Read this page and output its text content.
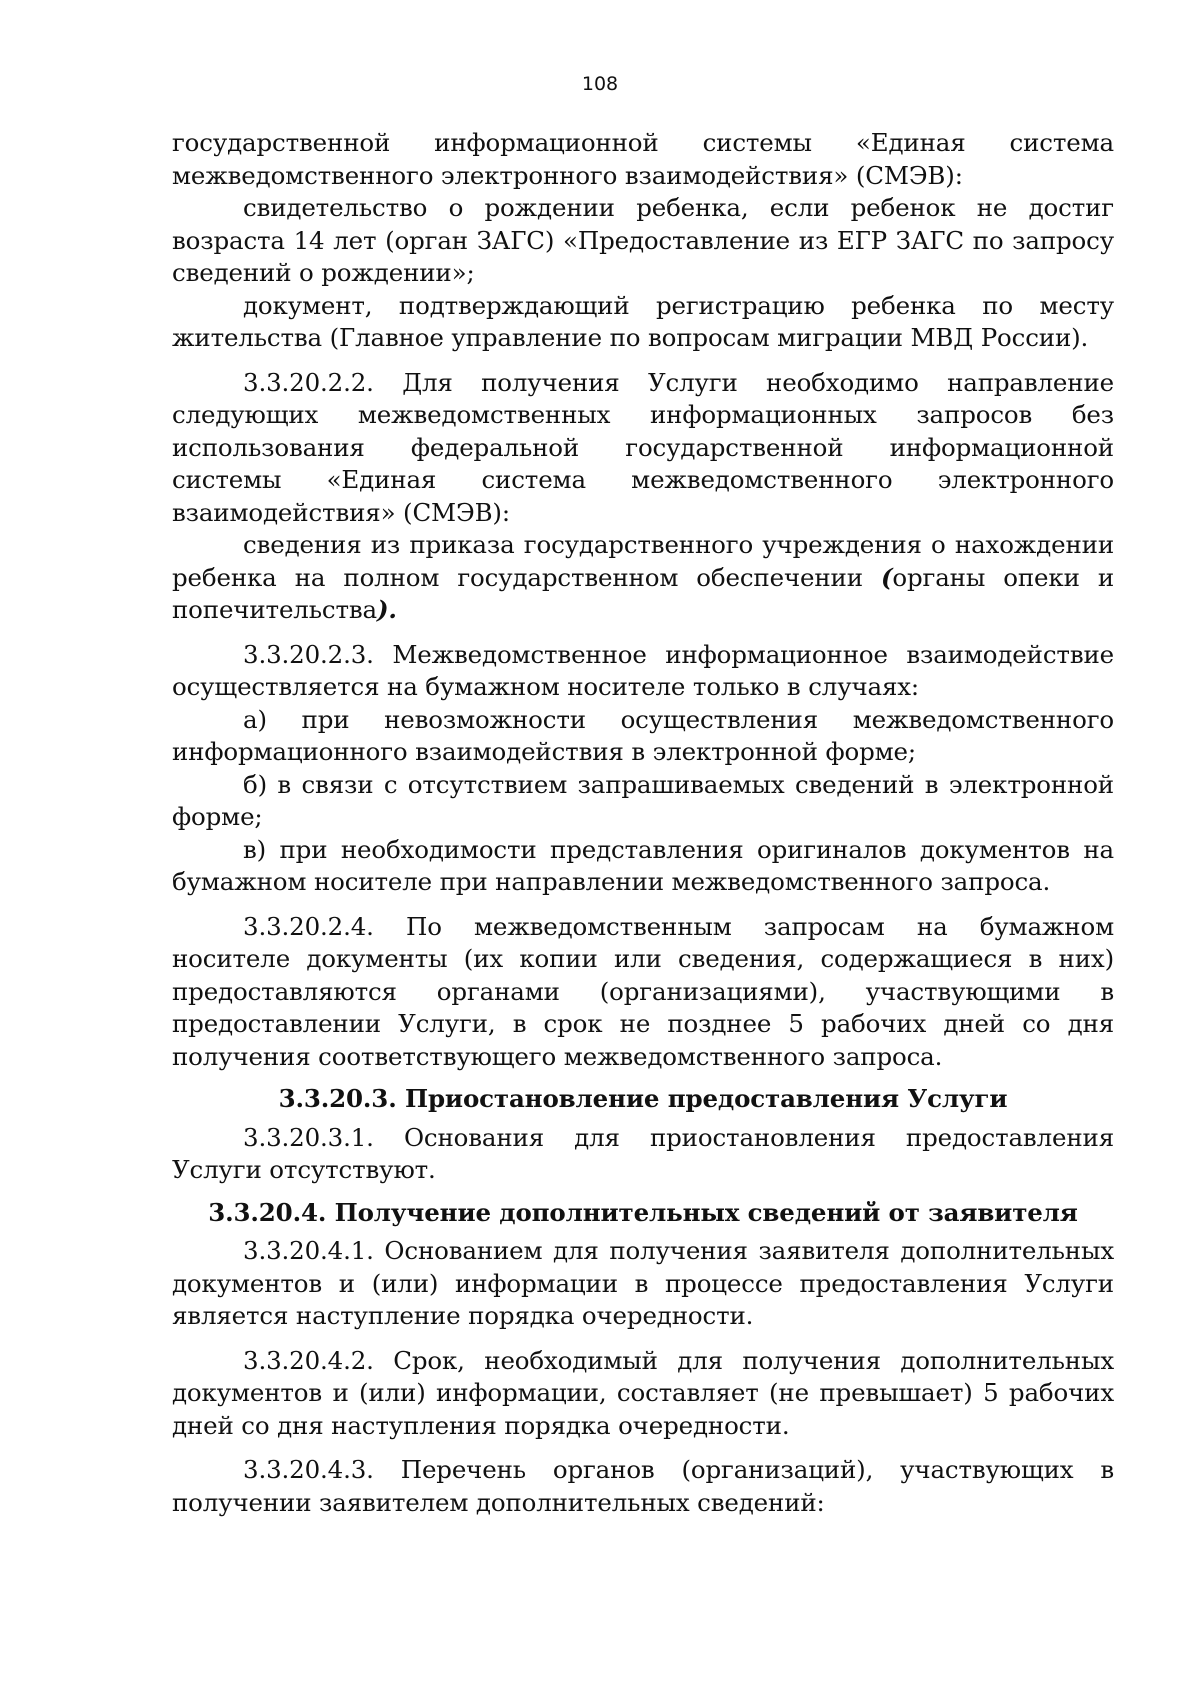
108

государственной информационной системы «Единая система межведомственного электронного взаимодействия» (СМЭВ):

свидетельство о рождении ребенка, если ребенок не достиг возраста 14 лет (орган ЗАГС) «Предоставление из ЕГР ЗАГС по запросу сведений о рождении»;

документ, подтверждающий регистрацию ребенка по месту жительства (Главное управление по вопросам миграции МВД России).

3.3.20.2.2. Для получения Услуги необходимо направление следующих межведомственных информационных запросов без использования федеральной государственной информационной системы «Единая система межведомственного электронного взаимодействия» (СМЭВ):

сведения из приказа государственного учреждения о нахождении ребенка на полном государственном обеспечении (органы опеки и попечительства).

3.3.20.2.3. Межведомственное информационное взаимодействие осуществляется на бумажном носителе только в случаях:

а) при невозможности осуществления межведомственного информационного взаимодействия в электронной форме;

б) в связи с отсутствием запрашиваемых сведений в электронной форме;

в) при необходимости представления оригиналов документов на бумажном носителе при направлении межведомственного запроса.

3.3.20.2.4. По межведомственным запросам на бумажном носителе документы (их копии или сведения, содержащиеся в них) предоставляются органами (организациями), участвующими в предоставлении Услуги, в срок не позднее 5 рабочих дней со дня получения соответствующего межведомственного запроса.

3.3.20.3. Приостановление предоставления Услуги

3.3.20.3.1. Основания для приостановления предоставления Услуги отсутствуют.

3.3.20.4. Получение дополнительных сведений от заявителя

3.3.20.4.1. Основанием для получения заявителя дополнительных документов и (или) информации в процессе предоставления Услуги является наступление порядка очередности.

3.3.20.4.2. Срок, необходимый для получения дополнительных документов и (или) информации, составляет (не превышает) 5 рабочих дней со дня наступления порядка очередности.

3.3.20.4.3. Перечень органов (организаций), участвующих в получении заявителем дополнительных сведений:
